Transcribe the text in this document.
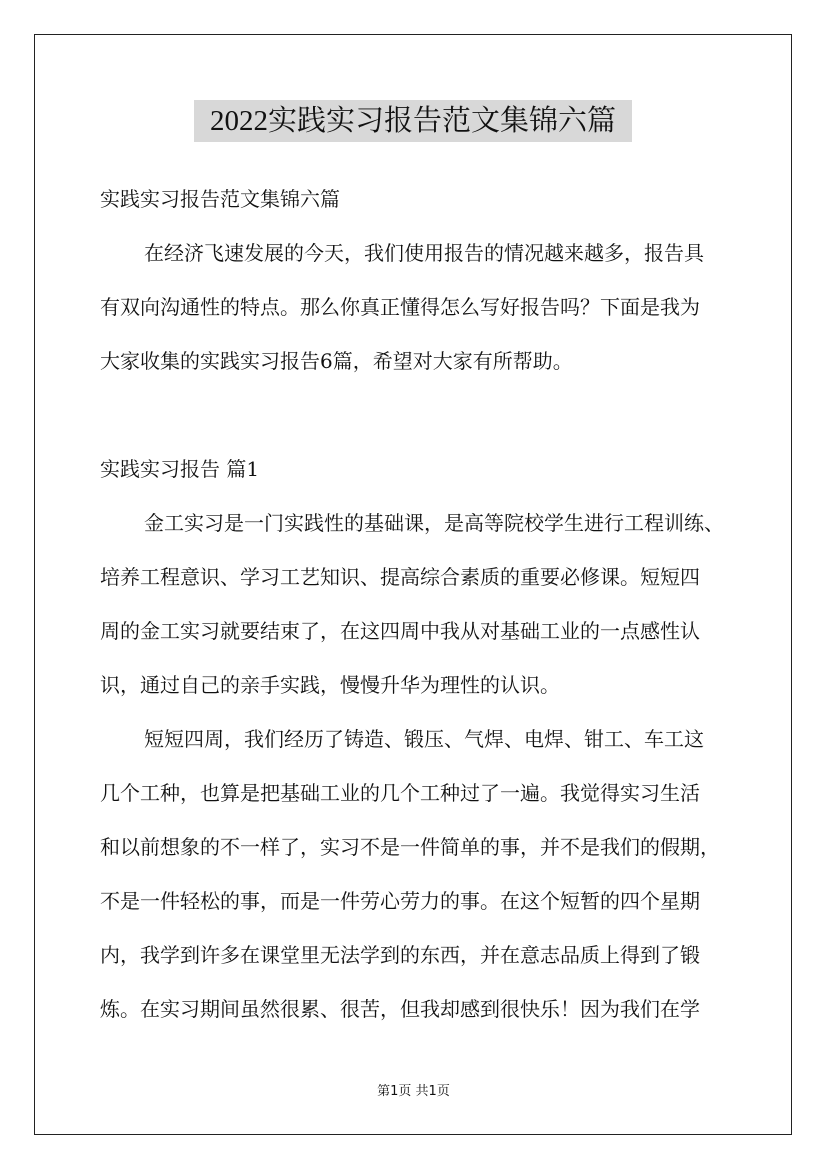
2022实践实习报告范文集锦六篇

实践实习报告范文集锦六篇

在经济飞速发展的今天，我们使用报告的情况越来越多，报告具

有双向沟通性的特点。那么你真正懂得怎么写好报告吗？下面是我为

大家收集的实践实习报告6篇，希望对大家有所帮助。

实践实习报告 篇1

金工实习是一门实践性的基础课，是高等院校学生进行工程训练、

培养工程意识、学习工艺知识、提高综合素质的重要必修课。短短四

周的金工实习就要结束了，在这四周中我从对基础工业的一点感性认

识，通过自己的亲手实践，慢慢升华为理性的认识。

短短四周，我们经历了铸造、锻压、气焊、电焊、钳工、车工这

几个工种，也算是把基础工业的几个工种过了一遍。我觉得实习生活

和以前想象的不一样了，实习不是一件简单的事，并不是我们的假期，

不是一件轻松的事，而是一件劳心劳力的事。在这个短暂的四个星期

内，我学到许多在课堂里无法学到的东西，并在意志品质上得到了锻

炼。在实习期间虽然很累、很苦，但我却感到很快乐！因为我们在学

第1页 共1页
